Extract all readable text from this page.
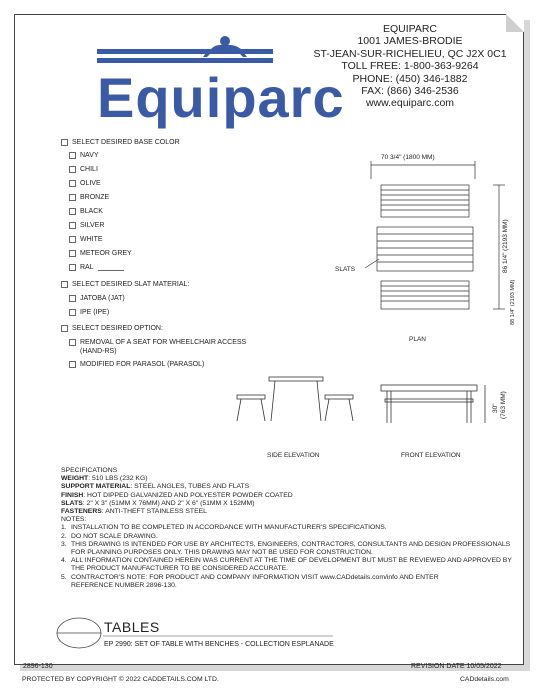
Equiparc
EQUIPARC
1001 JAMES-BRODIE
ST-JEAN-SUR-RICHELIEU, QC J2X 0C1
TOLL FREE: 1-800-363-9264
PHONE: (450) 346-1882
FAX: (866) 346-2536
www.equiparc.com
SELECT DESIRED BASE COLOR
NAVY
CHILI
OLIVE
BRONZE
BLACK
SILVER
WHITE
METEOR GREY
RAL
SELECT DESIRED SLAT MATERIAL:
JATOBA (JAT)
IPE (IPE)
SELECT DESIRED OPTION:
REMOVAL OF A SEAT FOR WHEELCHAIR ACCESS
(HAND-RS)
MODIFIED FOR PARASOL (PARASOL)
70 3/4" (1800 MM)
86 1/4" (2193 MM)
88 1/4" (2193 MM)
SLATS
PLAN
SIDE ELEVATION
30" (763 MM)
FRONT ELEVATION
SPECIFICATIONS
WEIGHT: 510 LBS (232 KG)
SUPPORT MATERIAL: STEEL ANGLES, TUBES AND FLATS
FINISH: HOT DIPPED GALVANIZED AND POLYESTER POWDER COATED
SLATS: 2" X 3" (51MM X 76MM) AND 2" X 6" (51MM X 152MM)
FASTENERS: ANTI-THEFT STAINLESS STEEL
NOTES:
1. INSTALLATION TO BE COMPLETED IN ACCORDANCE WITH MANUFACTURER'S SPECIFICATIONS.
2. DO NOT SCALE DRAWING.
3. THIS DRAWING IS INTENDED FOR USE BY ARCHITECTS, ENGINEERS, CONTRACTORS, CONSULTANTS AND DESIGN PROFESSIONALS
FOR PLANNING PURPOSES ONLY. THIS DRAWING MAY NOT BE USED FOR CONSTRUCTION.
4. ALL INFORMATION CONTAINED HEREIN WAS CURRENT AT THE TIME OF DEVELOPMENT BUT MUST BE REVIEWED AND APPROVED BY
THE PRODUCT MANUFACTURER TO BE CONSIDERED ACCURATE.
5. CONTRACTOR'S NOTE: FOR PRODUCT AND COMPANY INFORMATION VISIT www.CADdetails.com/info AND ENTER
REFERENCE NUMBER 2896-130.
TABLES
EP 2990: SET OF TABLE WITH BENCHES - COLLECTION ESPLANADE
2896-130	REVISION DATE 10/05/2022
PROTECTED BY COPYRIGHT © 2022 CADDETAILS.COM LTD.	CADdetails.com
